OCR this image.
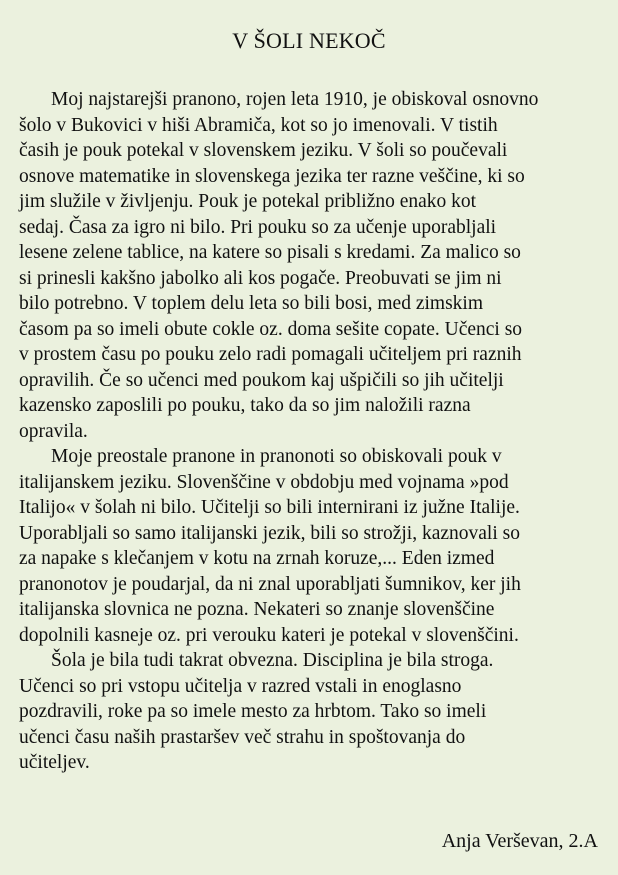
V ŠOLI NEKOČ

Moj najstarejši pranono, rojen leta 1910, je obiskoval osnovno
šolo v Bukovici v hiši Abramiča, kot so jo imenovali. V tistih
časih je pouk potekal v slovenskem jeziku. V šoli so poučevali
osnove matematike in slovenskega jezika ter razne veščine, ki so
jim služile v življenju. Pouk je potekal približno enako kot
sedaj. Časa za igro ni bilo. Pri pouku so za učenje uporabljali
lesene zelene tablice, na katere so pisali s kredami. Za malico so
si prinesli kakšno jabolko ali kos pogače. Preobuvati se jim ni
bilo potrebno. V toplem delu leta so bili bosi, med zimskim
časom pa so imeli obute cokle oz. doma sešite copate. Učenci so
v prostem času po pouku zelo radi pomagali učiteljem pri raznih
opravilih. Če so učenci med poukom kaj ušpičili so jih učitelji
kazensko zaposlili po pouku, tako da so jim naložili razna
opravila.

Moje preostale pranone in pranonoti so obiskovali pouk v
italijanskem jeziku. Slovenščine v obdobju med vojnama »pod
Italijo« v šolah ni bilo. Učitelji so bili internirani iz južne Italije.
Uporabljali so samo italijanski jezik, bili so strožji, kaznovali so
za napake s klečanjem v kotu na zrnah koruze,... Eden izmed
pranonotov je poudarjal, da ni znal uporabljati šumnikov, ker jih
italijanska slovnica ne pozna. Nekateri so znanje slovenščine
dopolnili kasneje oz. pri verouku kateri je potekal v slovenščini.

Šola je bila tudi takrat obvezna. Disciplina je bila stroga.
Učenci so pri vstopu učitelja v razred vstali in enoglasno
pozdravili, roke pa so imele mesto za hrbtom. Tako so imeli
učenci času naših prastaršev več strahu in spoštovanja do
učiteljev.

Anja Verševan, 2.A
